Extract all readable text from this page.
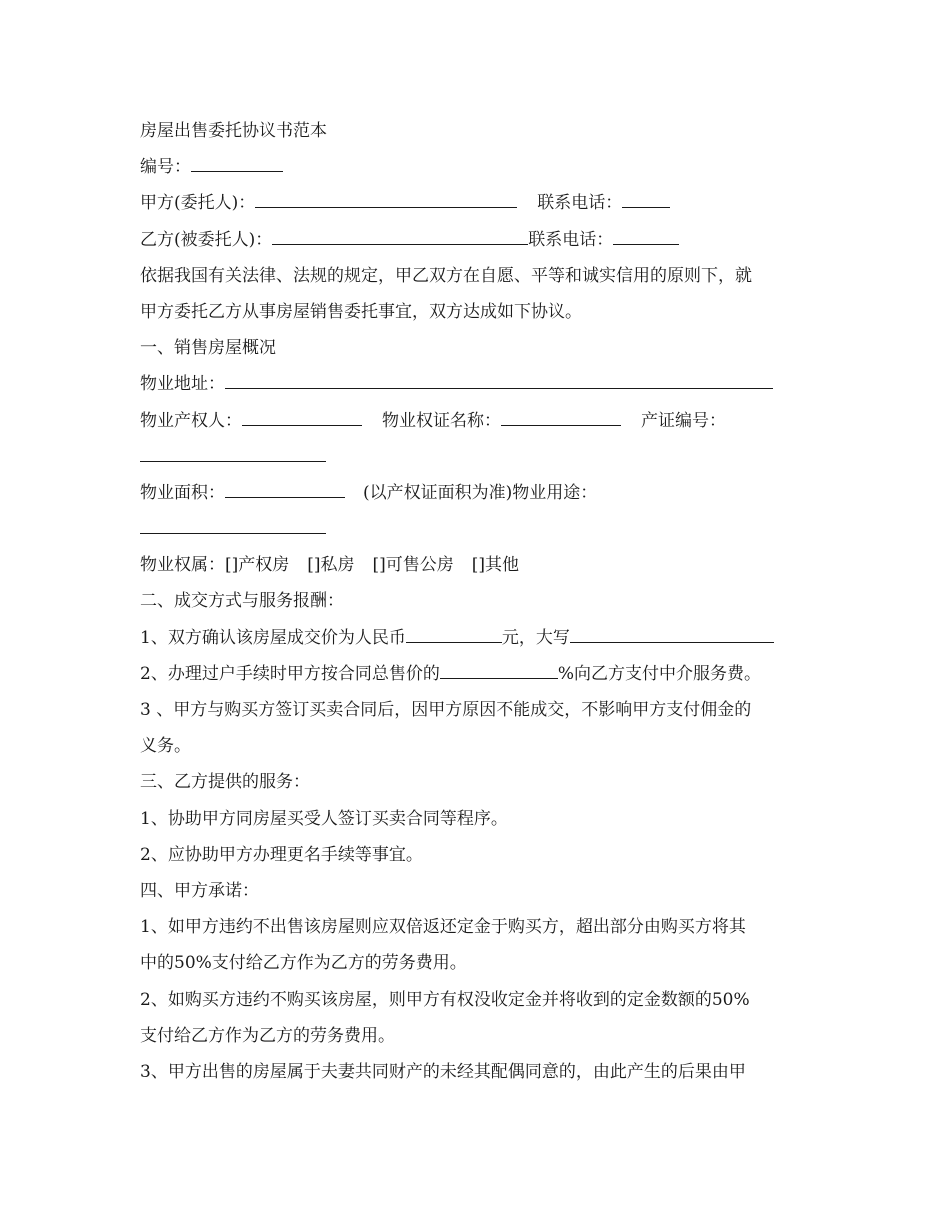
房屋出售委托协议书范本
编号：
甲方(委托人)：	联系电话：
乙方(被委托人)：	联系电话：
依据我国有关法律、法规的规定，甲乙双方在自愿、平等和诚实信用的原则下，就
甲方委托乙方从事房屋销售委托事宜，双方达成如下协议。
一、销售房屋概况
物业地址：
物业产权人：	物业权证名称：	产证编号：
物业面积：	(以产权证面积为准)物业用途：
物业权属：[]产权房 []私房 []可售公房 []其他
二、成交方式与服务报酬：
1、双方确认该房屋成交价为人民币	元，大写
2、办理过户手续时甲方按合同总售价的	%向乙方支付中介服务费。
3 、甲方与购买方签订买卖合同后，因甲方原因不能成交，不影响甲方支付佣金的
义务。
三、乙方提供的服务：
1、协助甲方同房屋买受人签订买卖合同等程序。
2、应协助甲方办理更名手续等事宜。
四、甲方承诺：
1、如甲方违约不出售该房屋则应双倍返还定金于购买方，超出部分由购买方将其
中的50%支付给乙方作为乙方的劳务费用。
2、如购买方违约不购买该房屋，则甲方有权没收定金并将收到的定金数额的50%
支付给乙方作为乙方的劳务费用。
3、甲方出售的房屋属于夫妻共同财产的未经其配偶同意的，由此产生的后果由甲
